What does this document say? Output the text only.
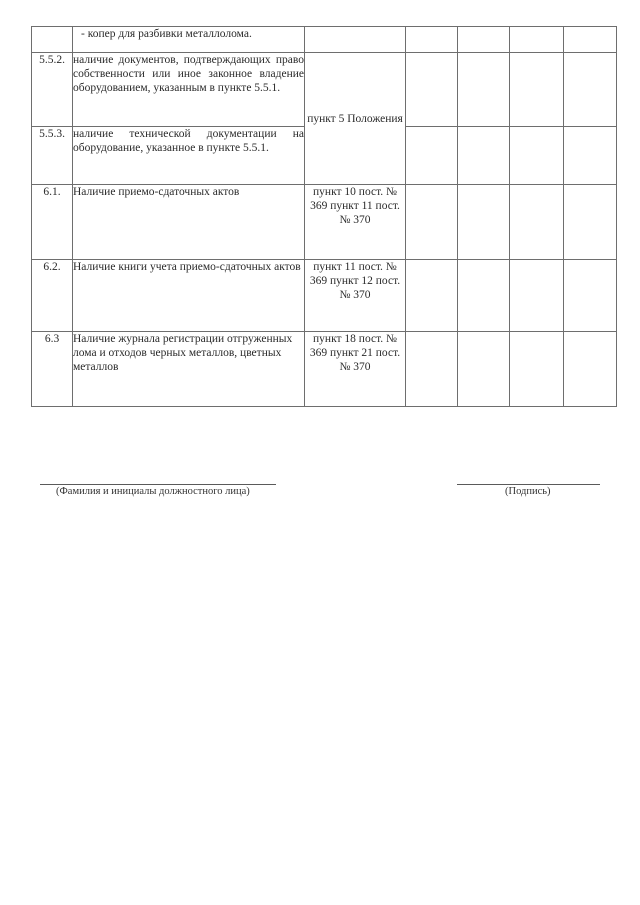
	- копер для разбивки металлолома.					
5.5.2.	наличие документов, подтверждающих право собственности или иное законное владение оборудованием, указанным в пункте 5.5.1.	пункт 5 Положения				
5.5.3.	наличие технической документации на оборудование, указанное в пункте 5.5.1.					
6.1.	Наличие приемо-сдаточных актов	пункт 10 пост. № 369 пункт 11 пост. № 370				
6.2.	Наличие книги учета приемо-сдаточных актов	пункт 11 пост. № 369 пункт 12 пост. № 370				
6.3	Наличие журнала регистрации отгруженных лома и отходов черных металлов, цветных металлов	пункт 18 пост. № 369 пункт 21 пост. № 370				
(Фамилия и инициалы должностного лица)	(Подпись)
